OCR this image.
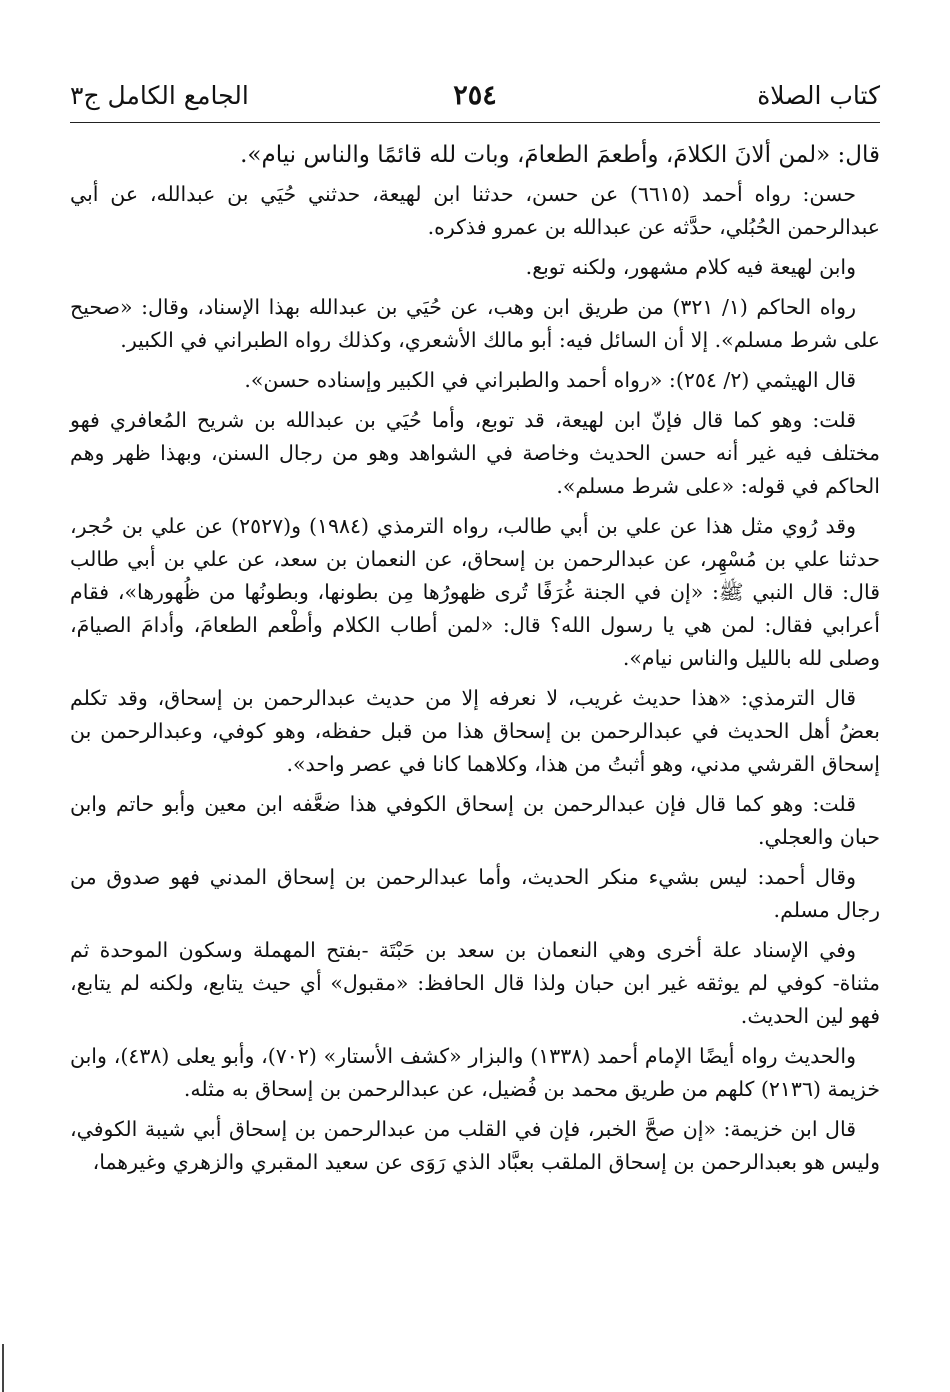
كتاب الصلاة
٢٥٤
الجامع الكامل ج٣

قال: «لمن ألانَ الكلامَ، وأطعمَ الطعامَ، وبات لله قائمًا والناس نيام».

حسن: رواه أحمد (٦٦١٥) عن حسن، حدثنا ابن لهيعة، حدثني حُيَي بن عبدالله، عن أبي عبدالرحمن الحُبُلي، حدَّثه عن عبدالله بن عمرو فذكره.

وابن لهيعة فيه كلام مشهور، ولكنه توبع.

رواه الحاكم (١/ ٣٢١) من طريق ابن وهب، عن حُيَي بن عبدالله بهذا الإسناد، وقال: «صحيح على شرط مسلم». إلا أن السائل فيه: أبو مالك الأشعري، وكذلك رواه الطبراني في الكبير.

قال الهيثمي (٢/ ٢٥٤): «رواه أحمد والطبراني في الكبير وإسناده حسن».

قلت: وهو كما قال فإنّ ابن لهيعة، قد توبع، وأما حُيَي بن عبدالله بن شريح المُعافري فهو مختلف فيه غير أنه حسن الحديث وخاصة في الشواهد وهو من رجال السنن، وبهذا ظهر وهم الحاكم في قوله: «على شرط مسلم».

وقد رُوي مثل هذا عن علي بن أبي طالب، رواه الترمذي (١٩٨٤) و(٢٥٢٧) عن علي بن حُجر، حدثنا علي بن مُسْهِر، عن عبدالرحمن بن إسحاق، عن النعمان بن سعد، عن علي بن أبي طالب قال: قال النبي ﷺ: «إن في الجنة غُرَفًا تُرى ظهورُها مِن بطونها، وبطونُها من ظُهورها»، فقام أعرابي فقال: لمن هي يا رسول الله؟ قال: «لمن أطاب الكلام وأطْعم الطعامَ، وأدامَ الصيامَ، وصلى لله بالليل والناس نيام».

قال الترمذي: «هذا حديث غريب، لا نعرفه إلا من حديث عبدالرحمن بن إسحاق، وقد تكلم بعضُ أهل الحديث في عبدالرحمن بن إسحاق هذا من قبل حفظه، وهو كوفي، وعبدالرحمن بن إسحاق القرشي مدني، وهو أثبتُ من هذا، وكلاهما كانا في عصر واحد».

قلت: وهو كما قال فإن عبدالرحمن بن إسحاق الكوفي هذا ضعَّفه ابن معين وأبو حاتم وابن حبان والعجلي.

وقال أحمد: ليس بشيء منكر الحديث، وأما عبدالرحمن بن إسحاق المدني فهو صدوق من رجال مسلم.

وفي الإسناد علة أخرى وهي النعمان بن سعد بن حَبْتَة -بفتح المهملة وسكون الموحدة ثم مثناة- كوفي لم يوثقه غير ابن حبان ولذا قال الحافظ: «مقبول» أي حيث يتابع، ولكنه لم يتابع، فهو لين الحديث.

والحديث رواه أيضًا الإمام أحمد (١٣٣٨) والبزار «كشف الأستار» (٧٠٢)، وأبو يعلى (٤٣٨)، وابن خزيمة (٢١٣٦) كلهم من طريق محمد بن فُضيل، عن عبدالرحمن بن إسحاق به مثله.

قال ابن خزيمة: «إن صحَّ الخبر، فإن في القلب من عبدالرحمن بن إسحاق أبي شيبة الكوفي، وليس هو بعبدالرحمن بن إسحاق الملقب بعبَّاد الذي رَوَى عن سعيد المقبري والزهري وغيرهما،
